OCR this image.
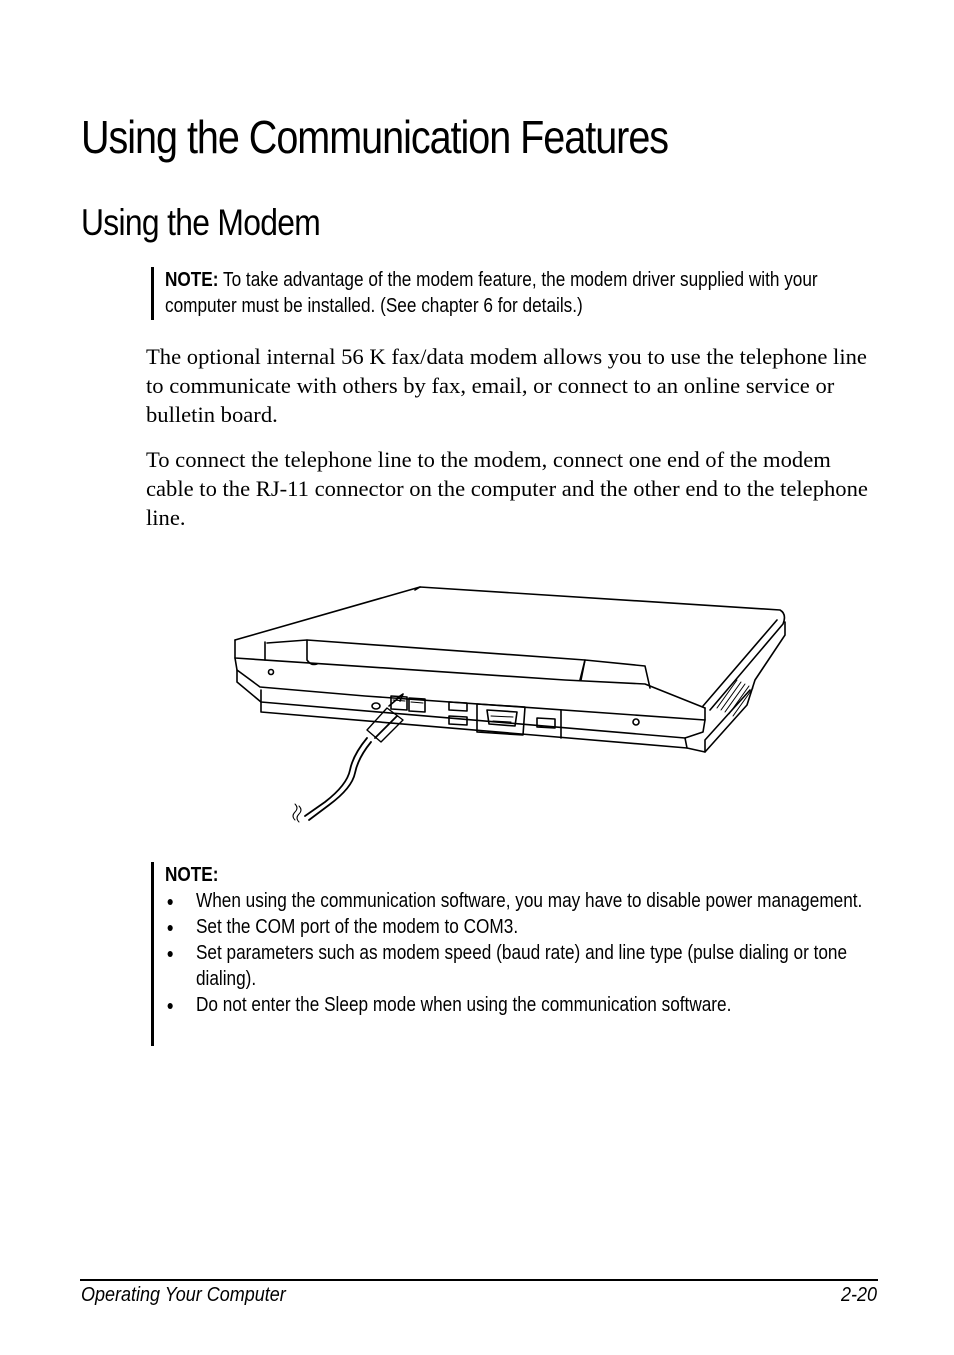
Using the Communication Features
Using the Modem
NOTE: To take advantage of the modem feature, the modem driver supplied with your computer must be installed. (See chapter 6 for details.)

The optional internal 56 K fax/data modem allows you to use the telephone line to communicate with others by fax, email, or connect to an online service or bulletin board.

To connect the telephone line to the modem, connect one end of the modem cable to the RJ-11 connector on the computer and the other end to the telephone line.

NOTE:
When using the communication software, you may have to disable power management.
Set the COM port of the modem to COM3.
Set parameters such as modem speed (baud rate) and line type (pulse dialing or tone dialing).
Do not enter the Sleep mode when using the communication software.
Operating Your Computer	2-20
